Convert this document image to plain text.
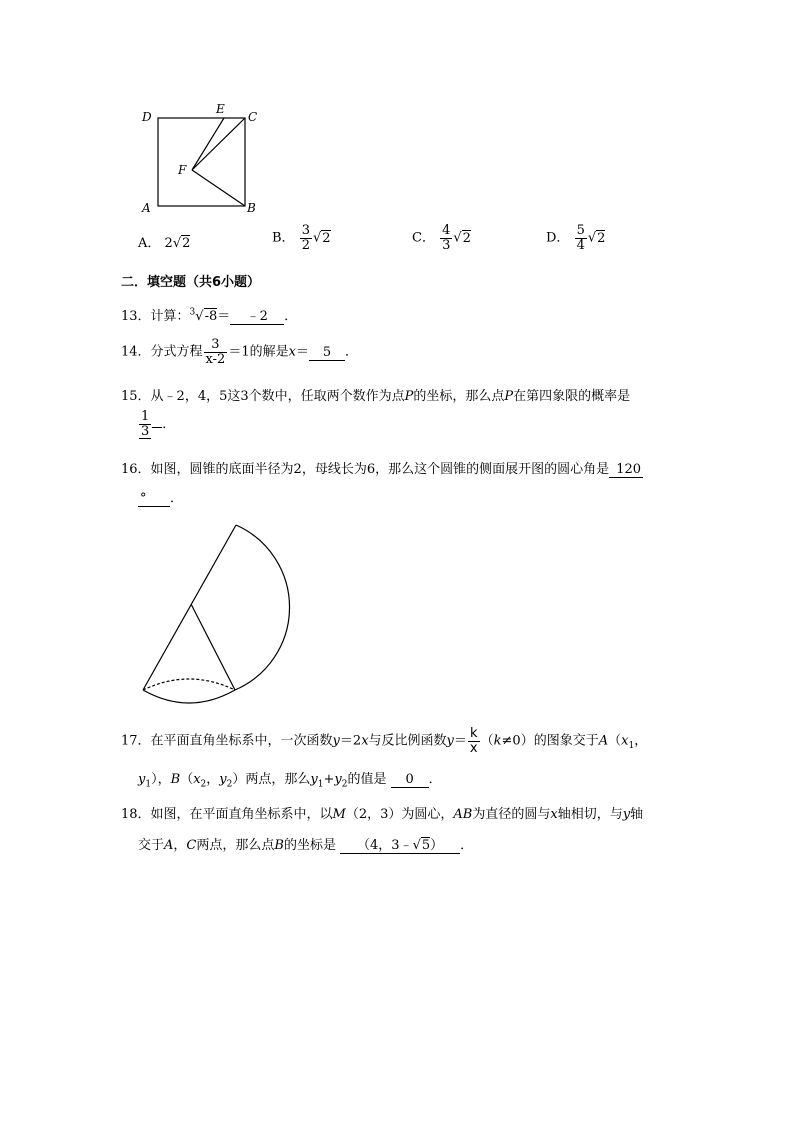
D
E
C
F
A	B
A． 2√2	B． $\frac{3}{2} √2$	C． $\frac{4}{3} √2$	D． $\frac{5}{4} √2$
二．填空题（共6小题）
13．计算：$^3$√-8＝ ﹣2 ．
14．分式方程 $\frac{3}{x-2} =1$的解是x＝ 5 ．
15．从﹣2，4，5这3个数中，任取两个数作为点P的坐标，那么点P在第四象限的概率是
$\frac{1}{3}$ ．
16．如图，圆锥的底面半径为2，母线长为6，那么这个圆锥的侧面展开图的圆心角是 120
° ．
17．在平面直角坐标系中，一次函数y＝2x与反比例函数$y= \frac{k}{x} (k\ne 0)$的图象交于$A(x_1$，
$y_1$），$B(x_2$，$y_2$）两点，那么$y_1+y_2$的值是 0 ．
18．如图，在平面直角坐标系中，以M（2，3）为圆心，AB为直径的圆与x轴相切，与y轴
交于A，C两点，那么点B的坐标是 （4，3﹣√5） ．
